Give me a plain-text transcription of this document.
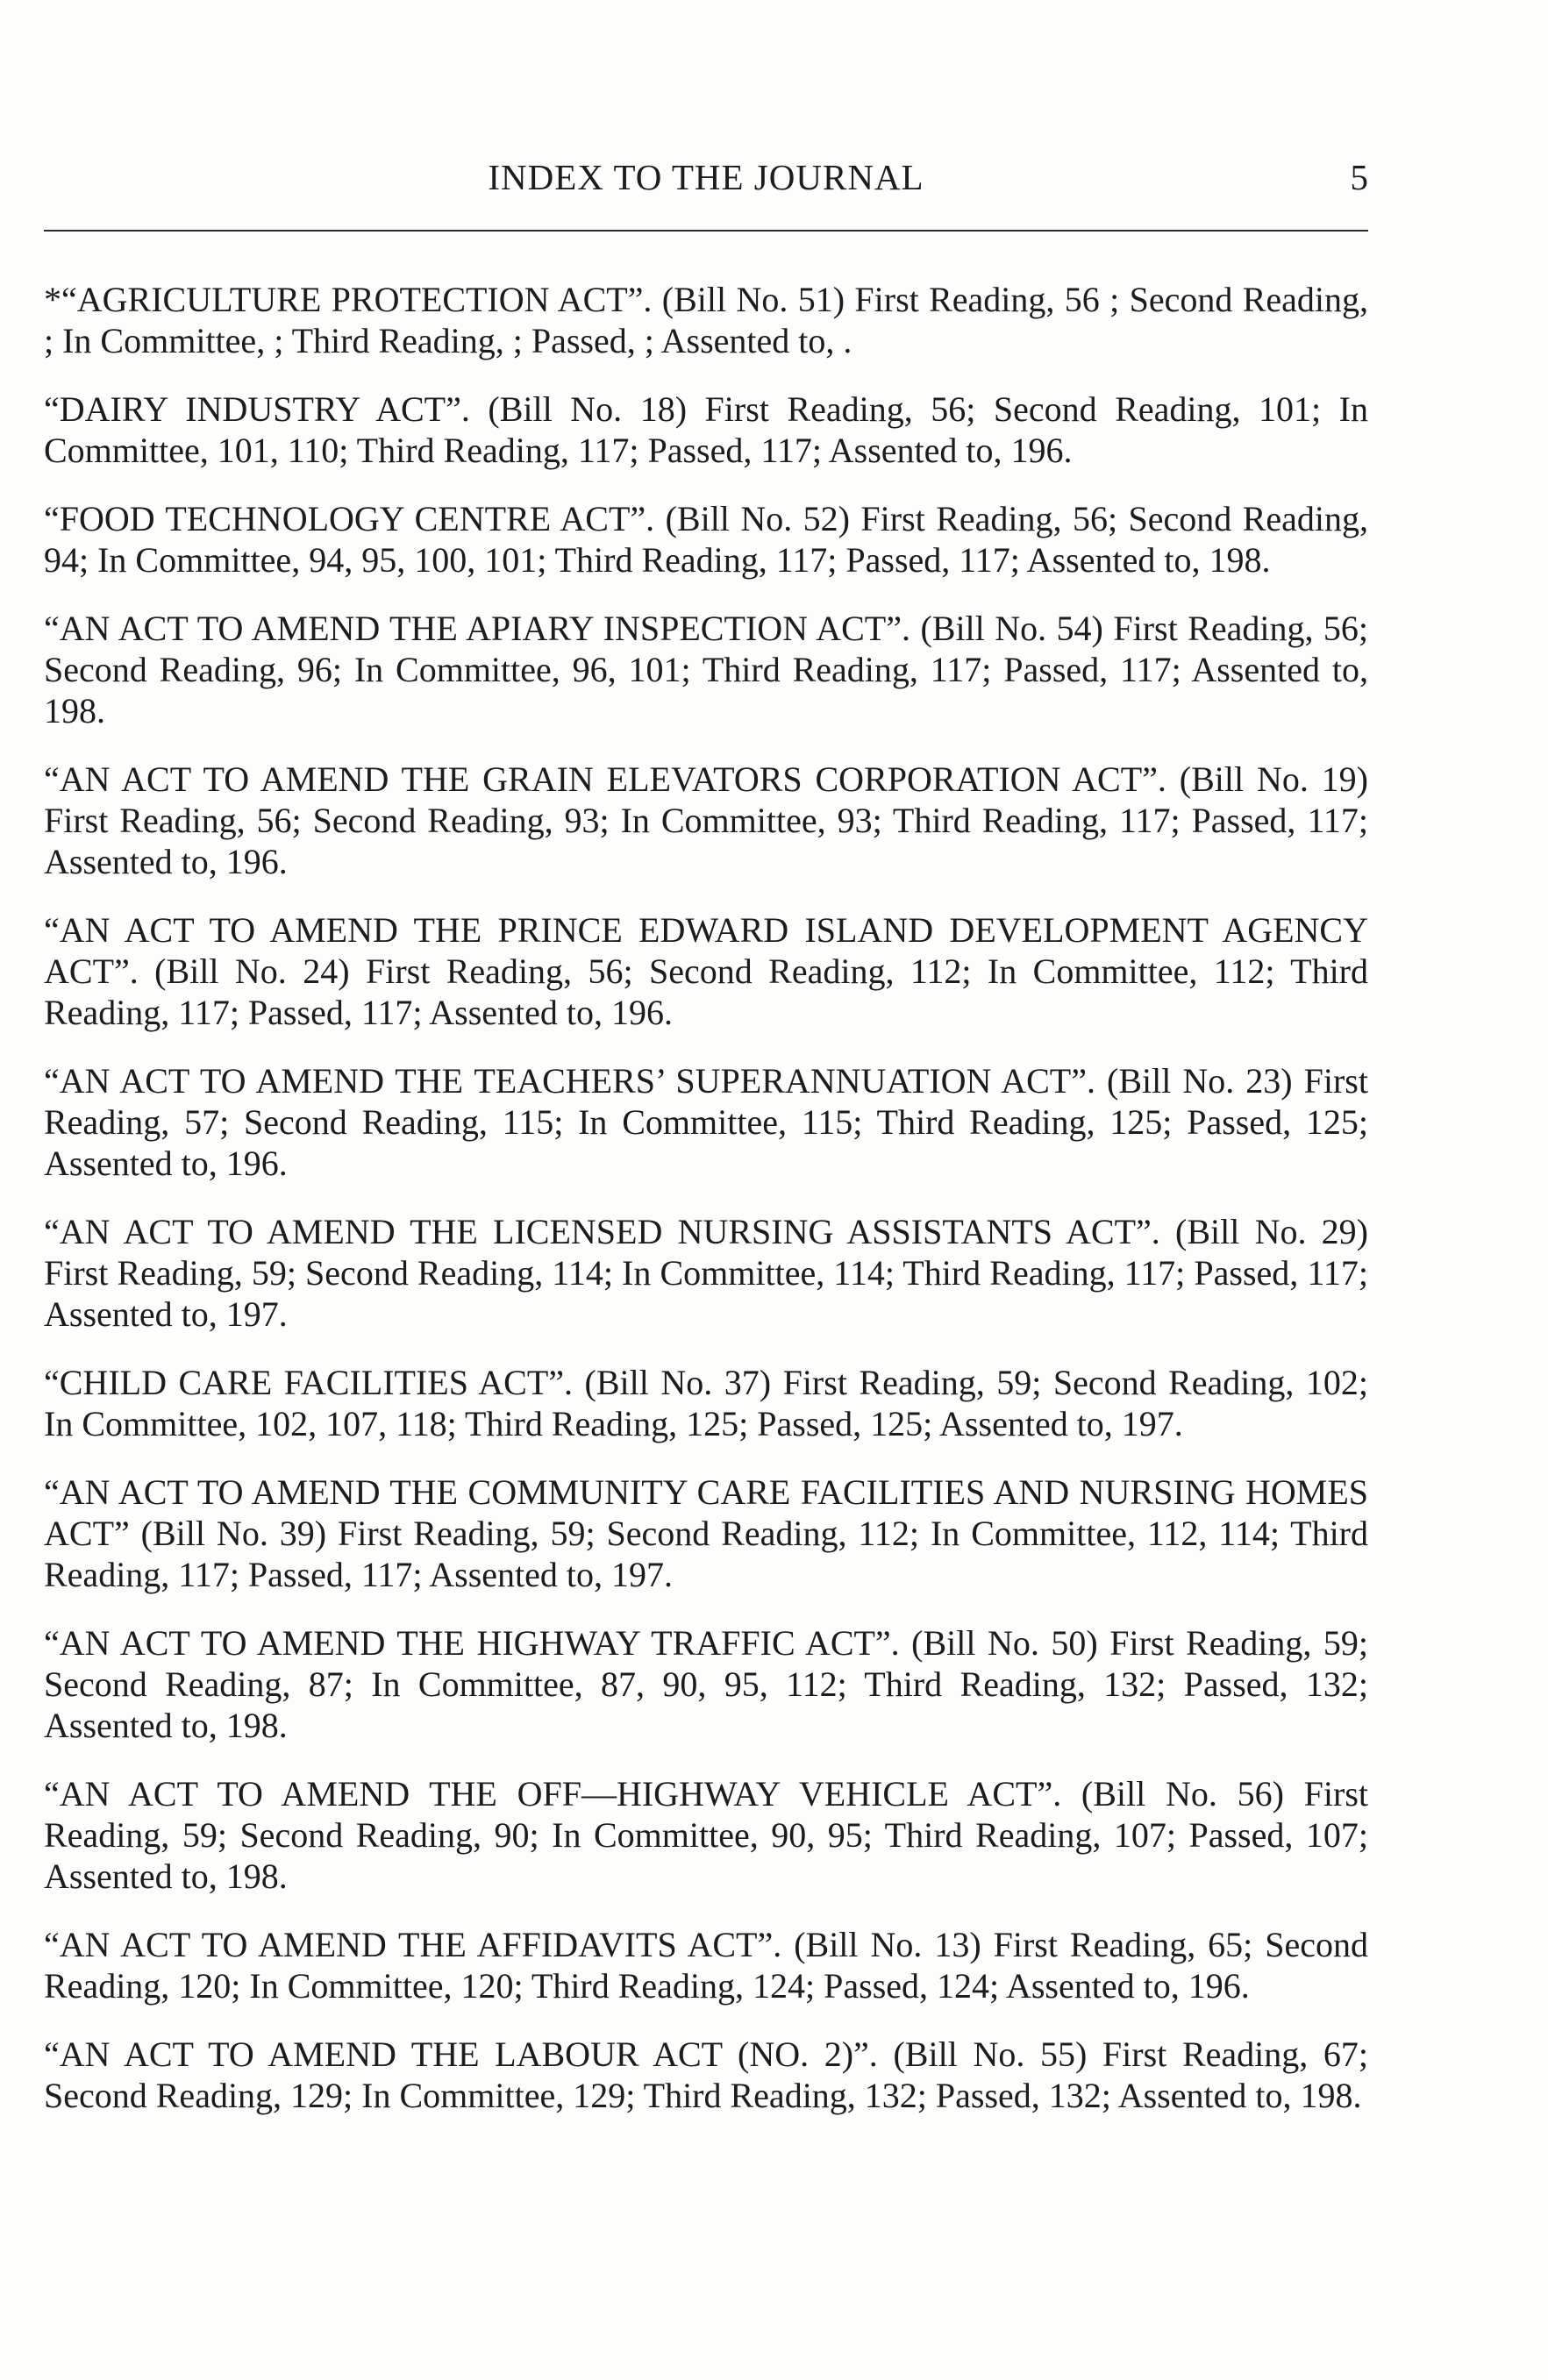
INDEX TO THE JOURNAL	5

*“AGRICULTURE PROTECTION ACT”. (Bill No. 51) First Reading, 56 ; Second Reading, ; In Committee, ; Third Reading, ; Passed, ; Assented to, .

“DAIRY INDUSTRY ACT”. (Bill No. 18) First Reading, 56; Second Reading, 101; In Committee, 101, 110; Third Reading, 117; Passed, 117; Assented to, 196.

“FOOD TECHNOLOGY CENTRE ACT”. (Bill No. 52) First Reading, 56; Second Reading, 94; In Committee, 94, 95, 100, 101; Third Reading, 117; Passed, 117; Assented to, 198.

“AN ACT TO AMEND THE APIARY INSPECTION ACT”. (Bill No. 54) First Reading, 56; Second Reading, 96; In Committee, 96, 101; Third Reading, 117; Passed, 117; Assented to, 198.

“AN ACT TO AMEND THE GRAIN ELEVATORS CORPORATION ACT”. (Bill No. 19) First Reading, 56; Second Reading, 93; In Committee, 93; Third Reading, 117; Passed, 117; Assented to, 196.

“AN ACT TO AMEND THE PRINCE EDWARD ISLAND DEVELOPMENT AGENCY ACT”. (Bill No. 24) First Reading, 56; Second Reading, 112; In Committee, 112; Third Reading, 117; Passed, 117; Assented to, 196.

“AN ACT TO AMEND THE TEACHERS’ SUPERANNUATION ACT”. (Bill No. 23) First Reading, 57; Second Reading, 115; In Committee, 115; Third Reading, 125; Passed, 125; Assented to, 196.

“AN ACT TO AMEND THE LICENSED NURSING ASSISTANTS ACT”. (Bill No. 29) First Reading, 59; Second Reading, 114; In Committee, 114; Third Reading, 117; Passed, 117; Assented to, 197.

“CHILD CARE FACILITIES ACT”. (Bill No. 37) First Reading, 59; Second Reading, 102; In Committee, 102, 107, 118; Third Reading, 125; Passed, 125; Assented to, 197.

“AN ACT TO AMEND THE COMMUNITY CARE FACILITIES AND NURSING HOMES ACT” (Bill No. 39) First Reading, 59; Second Reading, 112; In Committee, 112, 114; Third Reading, 117; Passed, 117; Assented to, 197.

“AN ACT TO AMEND THE HIGHWAY TRAFFIC ACT”. (Bill No. 50) First Reading, 59; Second Reading, 87; In Committee, 87, 90, 95, 112; Third Reading, 132; Passed, 132; Assented to, 198.

“AN ACT TO AMEND THE OFF—HIGHWAY VEHICLE ACT”. (Bill No. 56) First Reading, 59; Second Reading, 90; In Committee, 90, 95; Third Reading, 107; Passed, 107; Assented to, 198.

“AN ACT TO AMEND THE AFFIDAVITS ACT”. (Bill No. 13) First Reading, 65; Second Reading, 120; In Committee, 120; Third Reading, 124; Passed, 124; Assented to, 196.

“AN ACT TO AMEND THE LABOUR ACT (NO. 2)”. (Bill No. 55) First Reading, 67; Second Reading, 129; In Committee, 129; Third Reading, 132; Passed, 132; Assented to, 198.
